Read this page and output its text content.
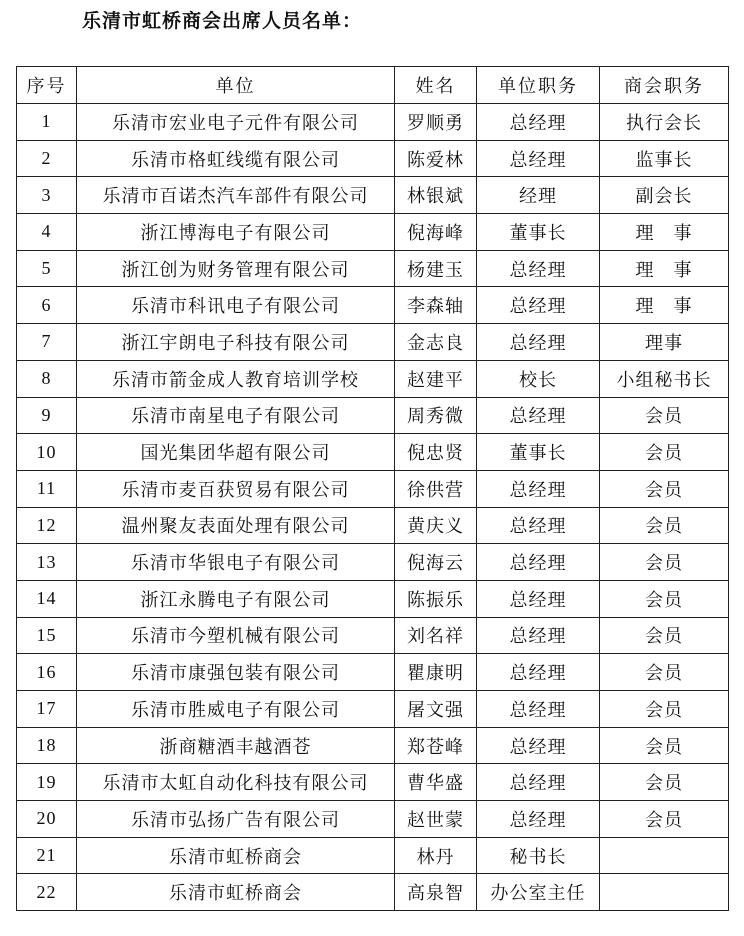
乐清市虹桥商会出席人员名单：
序号	单位	姓名	单位职务	商会职务
1	乐清市宏业电子元件有限公司	罗顺勇	总经理	执行会长
2	乐清市格虹线缆有限公司	陈爱林	总经理	监事长
3	乐清市百诺杰汽车部件有限公司	林银斌	经理	副会长
4	浙江博海电子有限公司	倪海峰	董事长	理　事
5	浙江创为财务管理有限公司	杨建玉	总经理	理　事
6	乐清市科讯电子有限公司	李森轴	总经理	理　事
7	浙江宇朗电子科技有限公司	金志良	总经理	理事
8	乐清市箭金成人教育培训学校	赵建平	校长	小组秘书长
9	乐清市南星电子有限公司	周秀微	总经理	会员
10	国光集团华超有限公司	倪忠贤	董事长	会员
11	乐清市麦百获贸易有限公司	徐供营	总经理	会员
12	温州聚友表面处理有限公司	黄庆义	总经理	会员
13	乐清市华银电子有限公司	倪海云	总经理	会员
14	浙江永腾电子有限公司	陈振乐	总经理	会员
15	乐清市今塑机械有限公司	刘名祥	总经理	会员
16	乐清市康强包装有限公司	瞿康明	总经理	会员
17	乐清市胜威电子有限公司	屠文强	总经理	会员
18	浙商糖酒丰越酒苍	郑苍峰	总经理	会员
19	乐清市太虹自动化科技有限公司	曹华盛	总经理	会员
20	乐清市弘扬广告有限公司	赵世蒙	总经理	会员
21	乐清市虹桥商会	林丹	秘书长	
22	乐清市虹桥商会	高泉智	办公室主任	
